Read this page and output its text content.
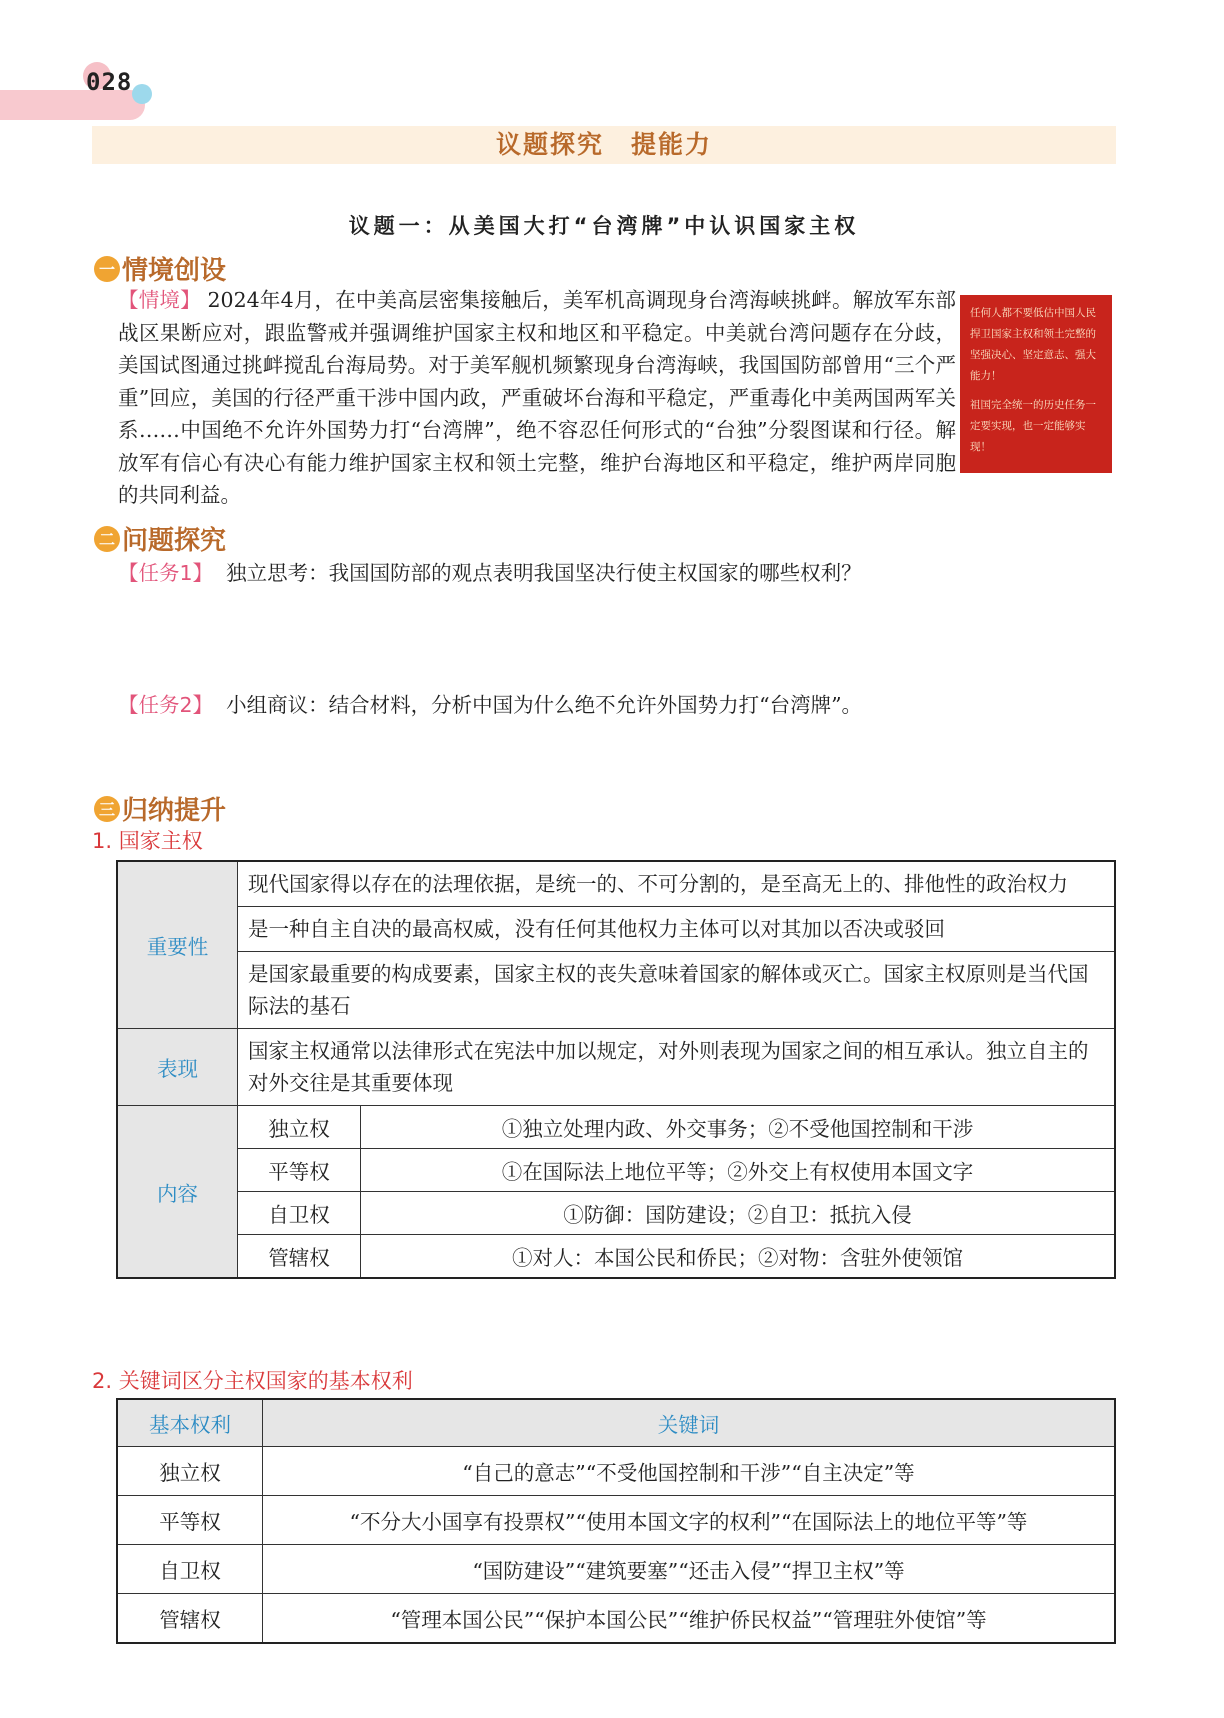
028
议题探究　提能力
议题一：从美国大打“台湾牌”中认识国家主权
一 情境创设
【情境】 2024年4月，在中美高层密集接触后，美军机高调现身台湾海峡挑衅。解放军东部战区果断应对，跟监警戒并强调维护国家主权和地区和平稳定。中美就台湾问题存在分歧，美国试图通过挑衅搅乱台海局势。对于美军舰机频繁现身台湾海峡，我国国防部曾用“三个严重”回应，美国的行径严重干涉中国内政，严重破坏台海和平稳定，严重毒化中美两国两军关系……中国绝不允许外国势力打“台湾牌”，绝不容忍任何形式的“台独”分裂图谋和行径。解放军有信心有决心有能力维护国家主权和领土完整，维护台海地区和平稳定，维护两岸同胞的共同利益。

任何人都不要低估中国人民捍卫国家主权和领土完整的坚强决心、坚定意志、强大能力！

祖国完全统一的历史任务一定要实现，也一定能够实现！

二 问题探究
【任务1】 独立思考：我国国防部的观点表明我国坚决行使主权国家的哪些权利？
【任务2】 小组商议：结合材料，分析中国为什么绝不允许外国势力打“台湾牌”。
三 归纳提升
1. 国家主权
重要性	现代国家得以存在的法理依据，是统一的、不可分割的，是至高无上的、排他性的政治权力	
	是一种自主自决的最高权威，没有任何其他权力主体可以对其加以否决或驳回	
	是国家最重要的构成要素，国家主权的丧失意味着国家的解体或灭亡。国家主权原则是当代国际法的基石	
表现	国家主权通常以法律形式在宪法中加以规定，对外则表现为国家之间的相互承认。独立自主的对外交往是其重要体现	
内容	独立权	①独立处理内政、外交事务；②不受他国控制和干涉
	平等权	①在国际法上地位平等；②外交上有权使用本国文字
	自卫权	①防御：国防建设；②自卫：抵抗入侵
	管辖权	①对人：本国公民和侨民；②对物：含驻外使领馆
2. 关键词区分主权国家的基本权利
基本权利	关键词
独立权	“自己的意志”“不受他国控制和干涉”“自主决定”等
平等权	“不分大小国享有投票权”“使用本国文字的权利”“在国际法上的地位平等”等
自卫权	“国防建设”“建筑要塞”“还击入侵”“捍卫主权”等
管辖权	“管理本国公民”“保护本国公民”“维护侨民权益”“管理驻外使馆”等
